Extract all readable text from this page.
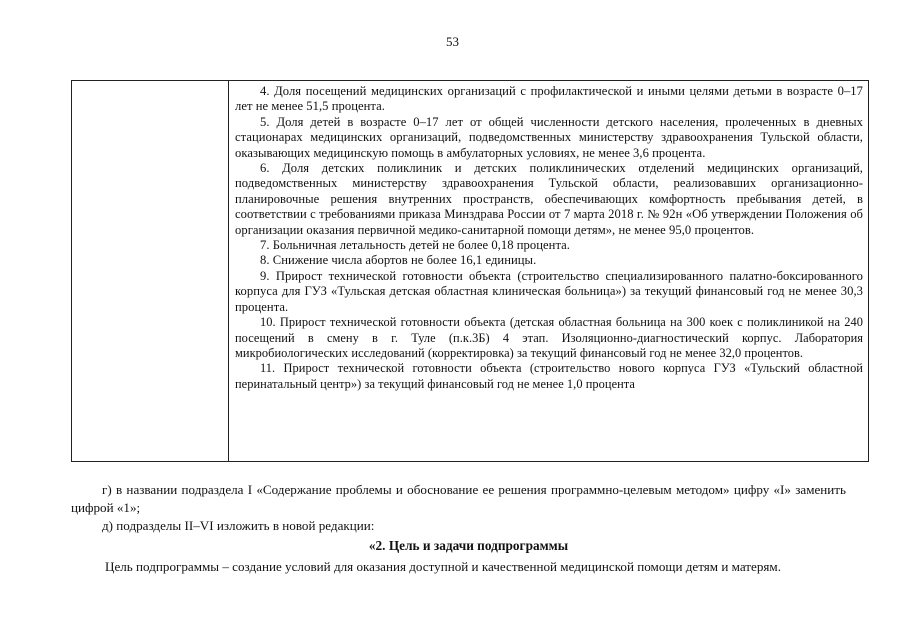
53

4. Доля посещений медицинских организаций с профилактической и иными целями детьми в возрасте 0–17 лет не менее 51,5 процента.

5. Доля детей в возрасте 0–17 лет от общей численности детского населения, пролеченных в дневных стационарах медицинских организаций, подведомственных министерству здравоохранения Тульской области, оказывающих медицинскую помощь в амбулаторных условиях, не менее 3,6 процента.

6. Доля детских поликлиник и детских поликлинических отделений медицинских организаций, подведомственных министерству здравоохранения Тульской области, реализовавших организационно-планировочные решения внутренних пространств, обеспечивающих комфортность пребывания детей, в соответствии с требованиями приказа Минздрава России от 7 марта 2018 г. № 92н «Об утверждении Положения об организации оказания первичной медико-санитарной помощи детям», не менее 95,0 процентов.

7. Больничная летальность детей не более 0,18 процента.

8. Снижение числа абортов не более 16,1 единицы.

9. Прирост технической готовности объекта (строительство специализированного палатно-боксированного корпуса для ГУЗ «Тульская детская областная клиническая больница») за текущий финансовый год не менее 30,3 процента.

10. Прирост технической готовности объекта (детская областная больница на 300 коек с поликлиникой на 240 посещений в смену в г. Туле (п.к.3Б) 4 этап. Изоляционно-диагностический корпус. Лаборатория микробиологических исследований (корректировка) за текущий финансовый год не менее 32,0 процентов.

11. Прирост технической готовности объекта (строительство нового корпуса ГУЗ «Тульский областной перинатальный центр») за текущий финансовый год не менее 1,0 процента

г) в названии подраздела I «Содержание проблемы и обоснование ее решения программно-целевым методом» цифру «I» заменить цифрой «1»;

д) подразделы II–VI изложить в новой редакции:

«2. Цель и задачи подпрограммы

Цель подпрограммы – создание условий для оказания доступной и качественной медицинской помощи детям и матерям.
